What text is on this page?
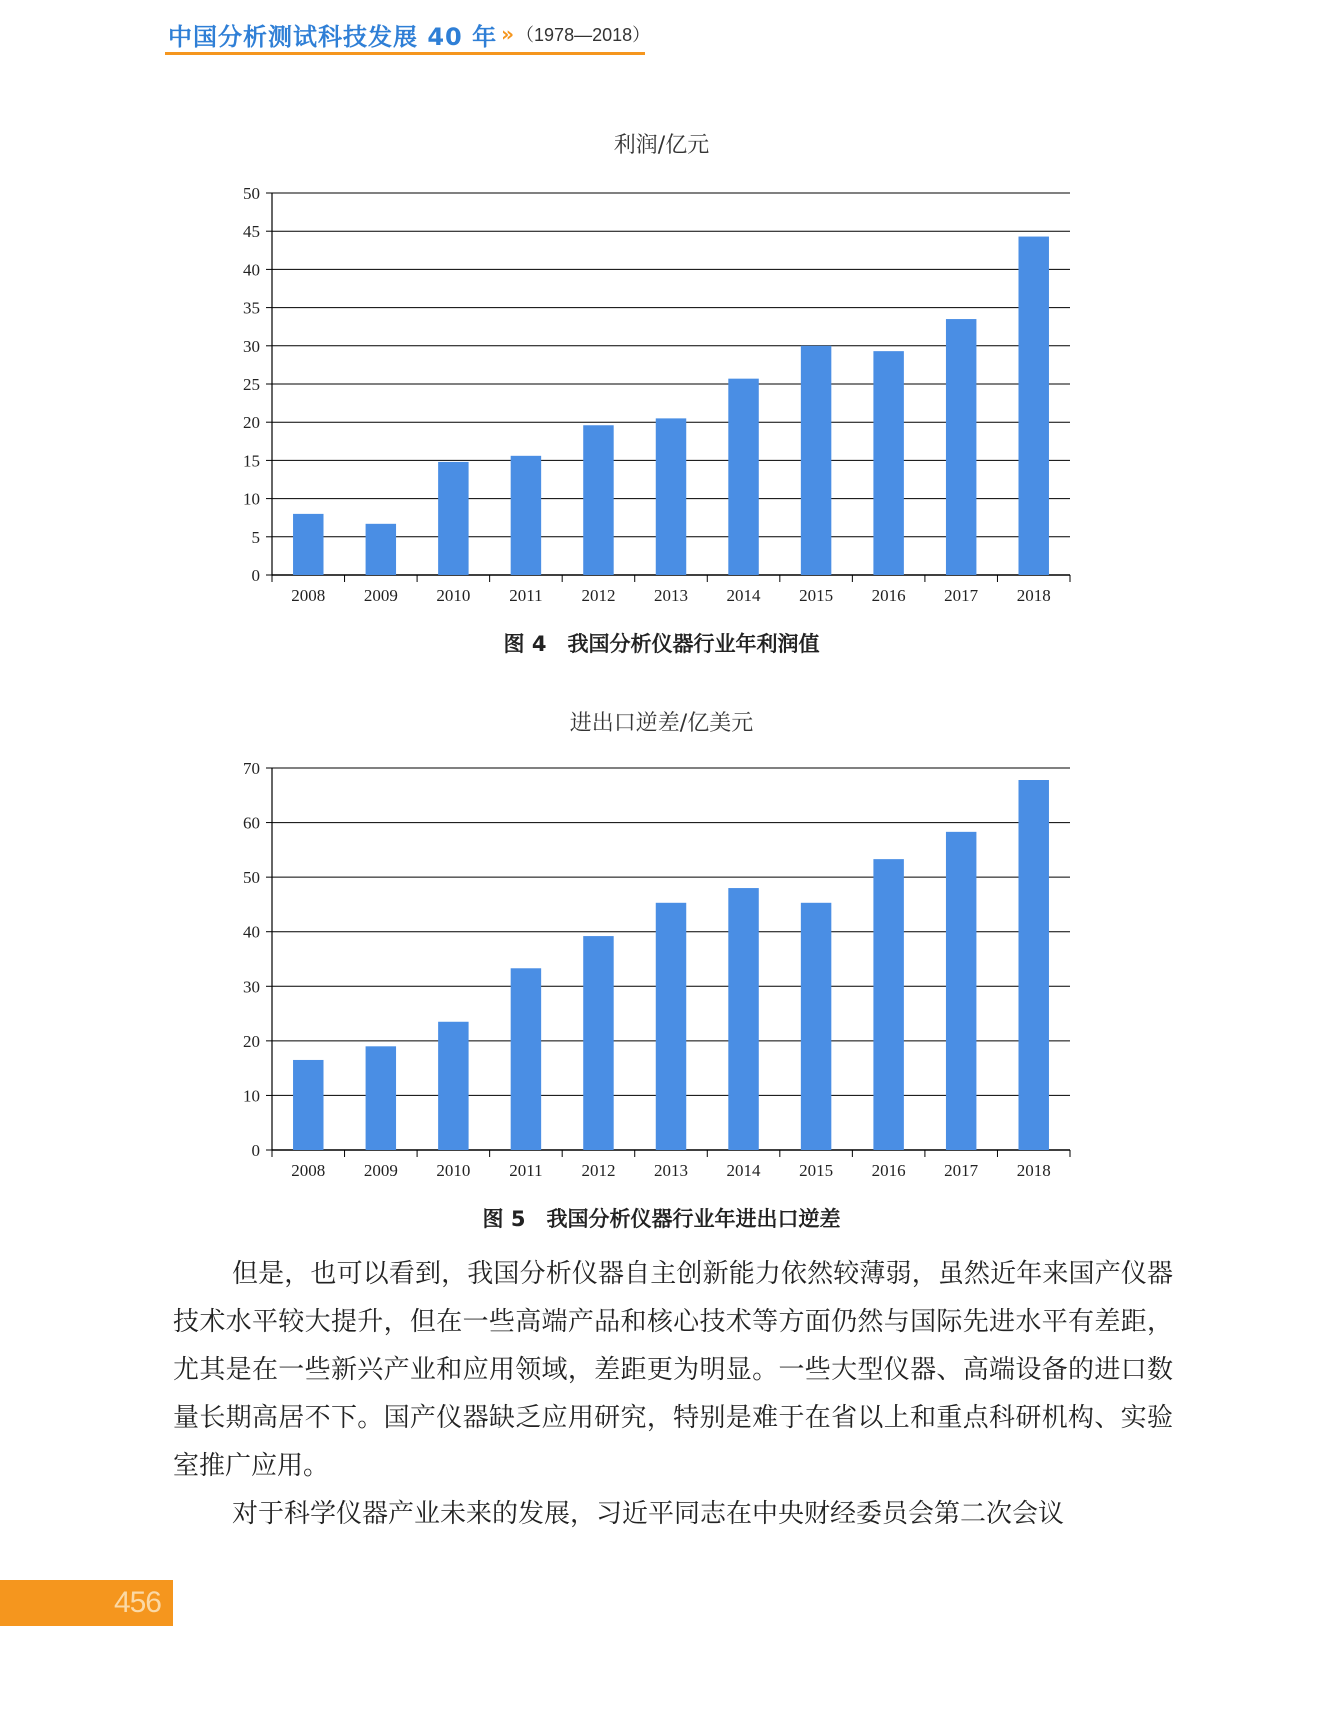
中国分析测试科技发展 40 年 » （1978—2018）
利润/亿元
0
5
10
15
20
25
30
35
40
45
50
2008 2009 2010 2011 2012 2013 2014 2015 2016 2017 2018
图 4　我国分析仪器行业年利润值
进出口逆差/亿美元
0
10
20
30
40
50
60
70
2008 2009 2010 2011 2012 2013 2014 2015 2016 2017 2018
图 5　我国分析仪器行业年进出口逆差

但是，也可以看到，我国分析仪器自主创新能力依然较薄弱，虽然近年来国产仪器技术水平较大提升，但在一些高端产品和核心技术等方面仍然与国际先进水平有差距，尤其是在一些新兴产业和应用领域，差距更为明显。一些大型仪器、高端设备的进口数量长期高居不下。国产仪器缺乏应用研究，特别是难于在省以上和重点科研机构、实验室推广应用。

对于科学仪器产业未来的发展，习近平同志在中央财经委员会第二次会议

456
